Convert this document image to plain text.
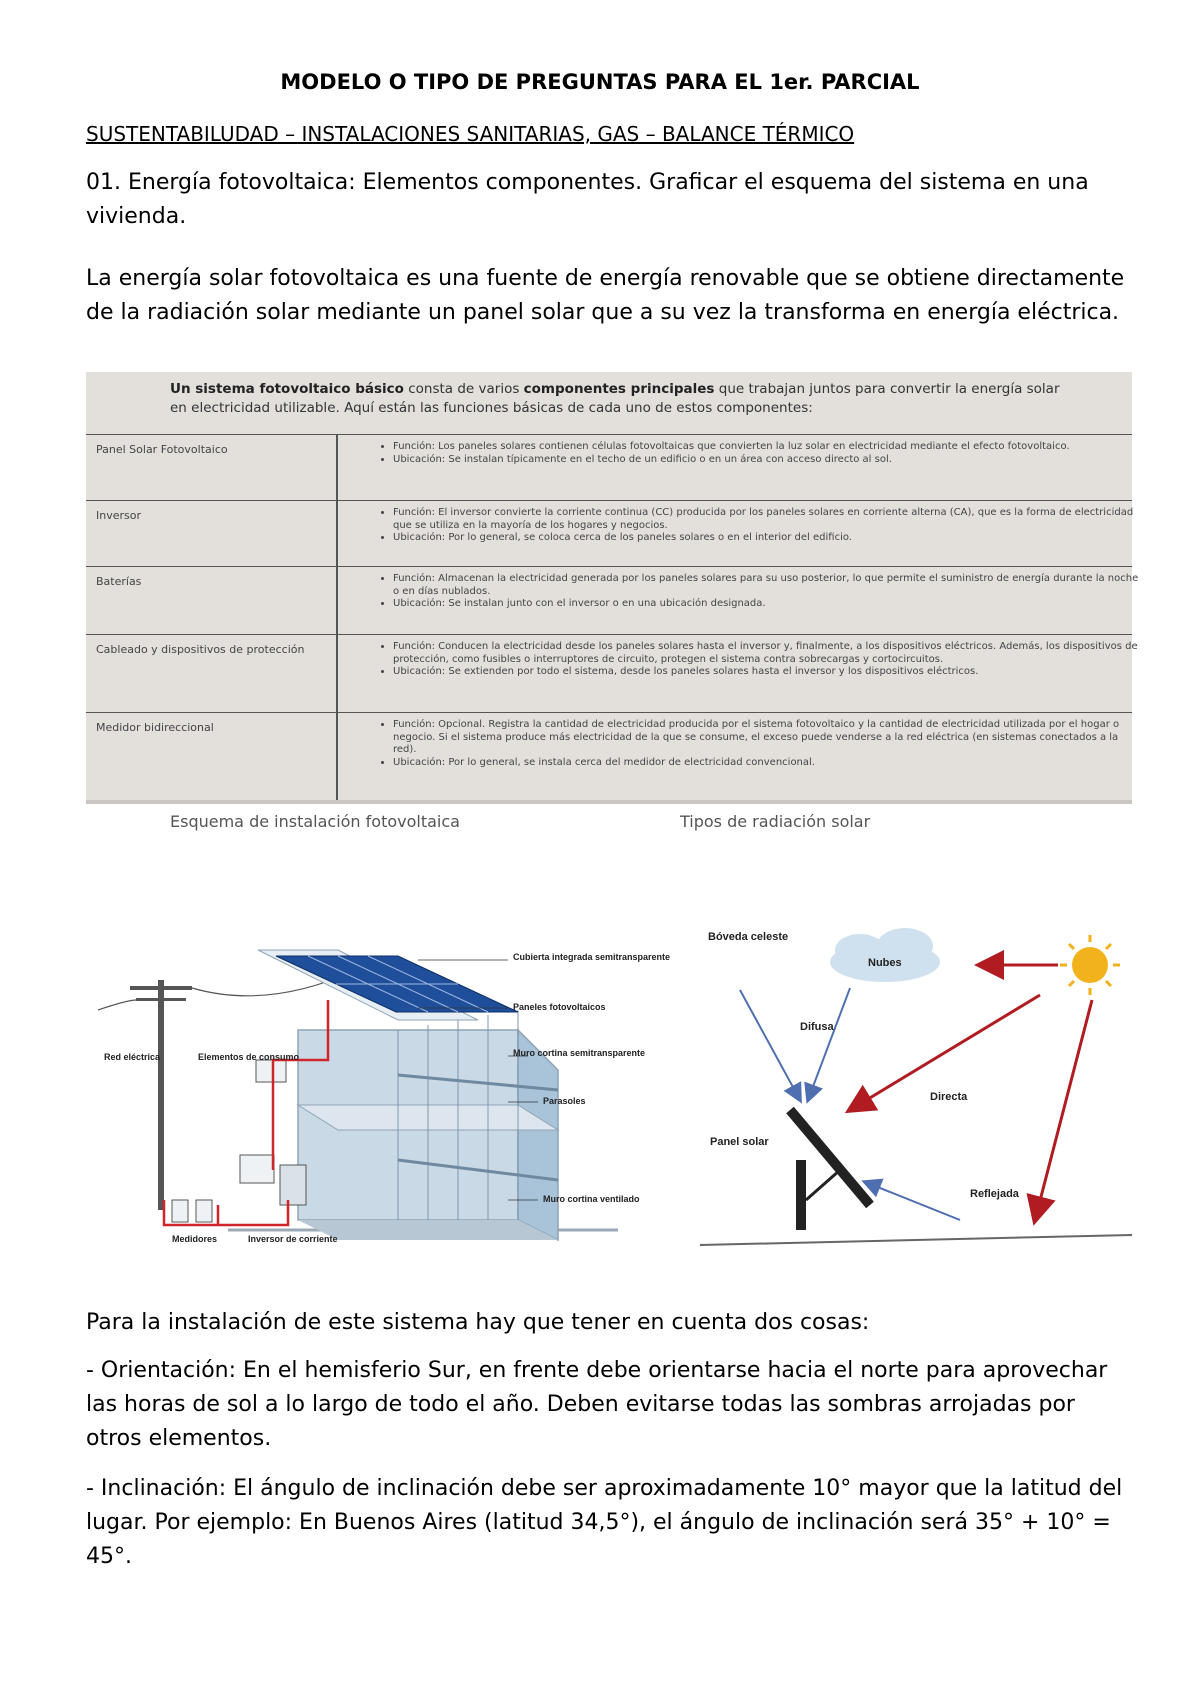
MODELO O TIPO DE PREGUNTAS PARA EL 1er. PARCIAL
SUSTENTABILUDAD – INSTALACIONES SANITARIAS, GAS – BALANCE TÉRMICO

01. Energía fotovoltaica: Elementos componentes. Graficar el esquema del sistema en una vivienda.

La energía solar fotovoltaica es una fuente de energía renovable que se obtiene directamente de la radiación solar mediante un panel solar que a su vez la transforma en energía eléctrica.

Un sistema fotovoltaico básico consta de varios componentes principales que trabajan juntos para convertir la energía solar en electricidad utilizable. Aquí están las funciones básicas de cada uno de estos componentes:
Panel Solar Fotovoltaico	• Función: Los paneles solares contienen células fotovoltaicas que convierten la luz solar en electricidad mediante el efecto fotovoltaico.
• Ubicación: Se instalan típicamente en el techo de un edificio o en un área con acceso directo al sol.
Inversor	• Función: El inversor convierte la corriente continua (CC) producida por los paneles solares en corriente alterna (CA), que es la forma de electricidad que se utiliza en la mayoría de los hogares y negocios.
• Ubicación: Por lo general, se coloca cerca de los paneles solares o en el interior del edificio.
Baterías	• Función: Almacenan la electricidad generada por los paneles solares para su uso posterior, lo que permite el suministro de energía durante la noche o en días nublados.
• Ubicación: Se instalan junto con el inversor o en una ubicación designada.
Cableado y dispositivos de protección	• Función: Conducen la electricidad desde los paneles solares hasta el inversor y, finalmente, a los dispositivos eléctricos. Además, los dispositivos de protección, como fusibles o interruptores de circuito, protegen el sistema contra sobrecargas y cortocircuitos.
• Ubicación: Se extienden por todo el sistema, desde los paneles solares hasta el inversor y los dispositivos eléctricos.
Medidor bidireccional	• Función: Opcional. Registra la cantidad de electricidad producida por el sistema fotovoltaico y la cantidad de electricidad utilizada por el hogar o negocio. Si el sistema produce más electricidad de la que se consume, el exceso puede venderse a la red eléctrica (en sistemas conectados a la red).
• Ubicación: Por lo general, se instala cerca del medidor de electricidad convencional.
Esquema de instalación fotovoltaica	Tipos de radiación solar
Cubierta integrada semitransparente
Paneles fotovoltaicos
Muro cortina semitransparente
Parasoles
Muro cortina ventilado
Red eléctrica	Elementos de consumo
Medidores	Inversor de corriente
Nubes
Bóveda celeste
Difusa
Directa
Panel solar
Reflejada

Para la instalación de este sistema hay que tener en cuenta dos cosas:

- Orientación: En el hemisferio Sur, en frente debe orientarse hacia el norte para aprovechar las horas de sol a lo largo de todo el año. Deben evitarse todas las sombras arrojadas por otros elementos.

- Inclinación: El ángulo de inclinación debe ser aproximadamente 10° mayor que la latitud del lugar. Por ejemplo: En Buenos Aires (latitud 34,5°), el ángulo de inclinación será 35° + 10° = 45°.
